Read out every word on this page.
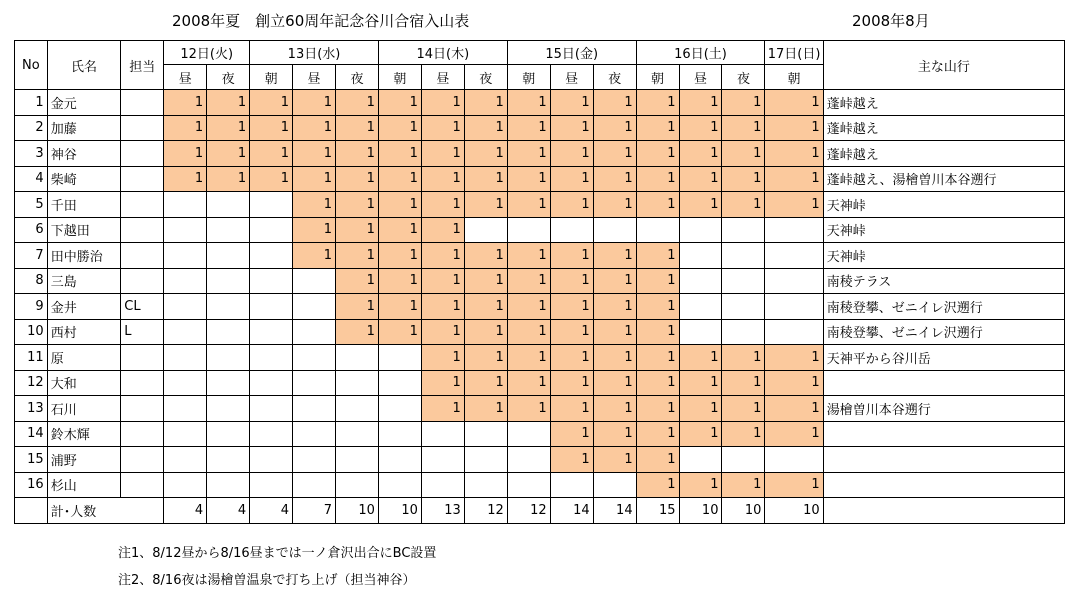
2008年夏　創立60周年記念谷川合宿入山表	2008年8月
No	氏名	担当	12日(火)		13日(水)			14日(木)			15日(金)			16日(土)			17日(日)	主な山行
			昼	夜	朝	昼	夜	朝	昼	夜	朝	昼	夜	朝	昼	夜	朝	
1	金元		1	1	1	1	1	1	1	1	1	1	1	1	1	1	1	蓬峠越え
2	加藤		1	1	1	1	1	1	1	1	1	1	1	1	1	1	1	蓬峠越え
3	神谷		1	1	1	1	1	1	1	1	1	1	1	1	1	1	1	蓬峠越え
4	柴崎		1	1	1	1	1	1	1	1	1	1	1	1	1	1	1	蓬峠越え、湯檜曽川本谷遡行
5	千田					1	1	1	1	1	1	1	1	1	1	1	1	天神峠
6	下越田					1	1	1	1									天神峠
7	田中勝治					1	1	1	1	1	1	1	1	1				天神峠
8	三島						1	1	1	1	1	1	1	1				南稜テラス
9	金井	CL					1	1	1	1	1	1	1	1				南稜登攀、ゼニイレ沢遡行
10	西村	L					1	1	1	1	1	1	1	1				南稜登攀、ゼニイレ沢遡行
11	原								1	1	1	1	1	1	1	1	1	天神平から谷川岳
12	大和								1	1	1	1	1	1	1	1	1	
13	石川								1	1	1	1	1	1	1	1	1	湯檜曽川本谷遡行
14	鈴木輝											1	1	1	1	1	1	
15	浦野											1	1	1				
16	杉山													1	1	1	1	
	計･人数		4	4	4	7	10	10	13	12	12	14	14	15	10	10	10	
注1、8/12昼から8/16昼までは一ノ倉沢出合にBC設置
注2、8/16夜は湯檜曽温泉で打ち上げ（担当神谷）
